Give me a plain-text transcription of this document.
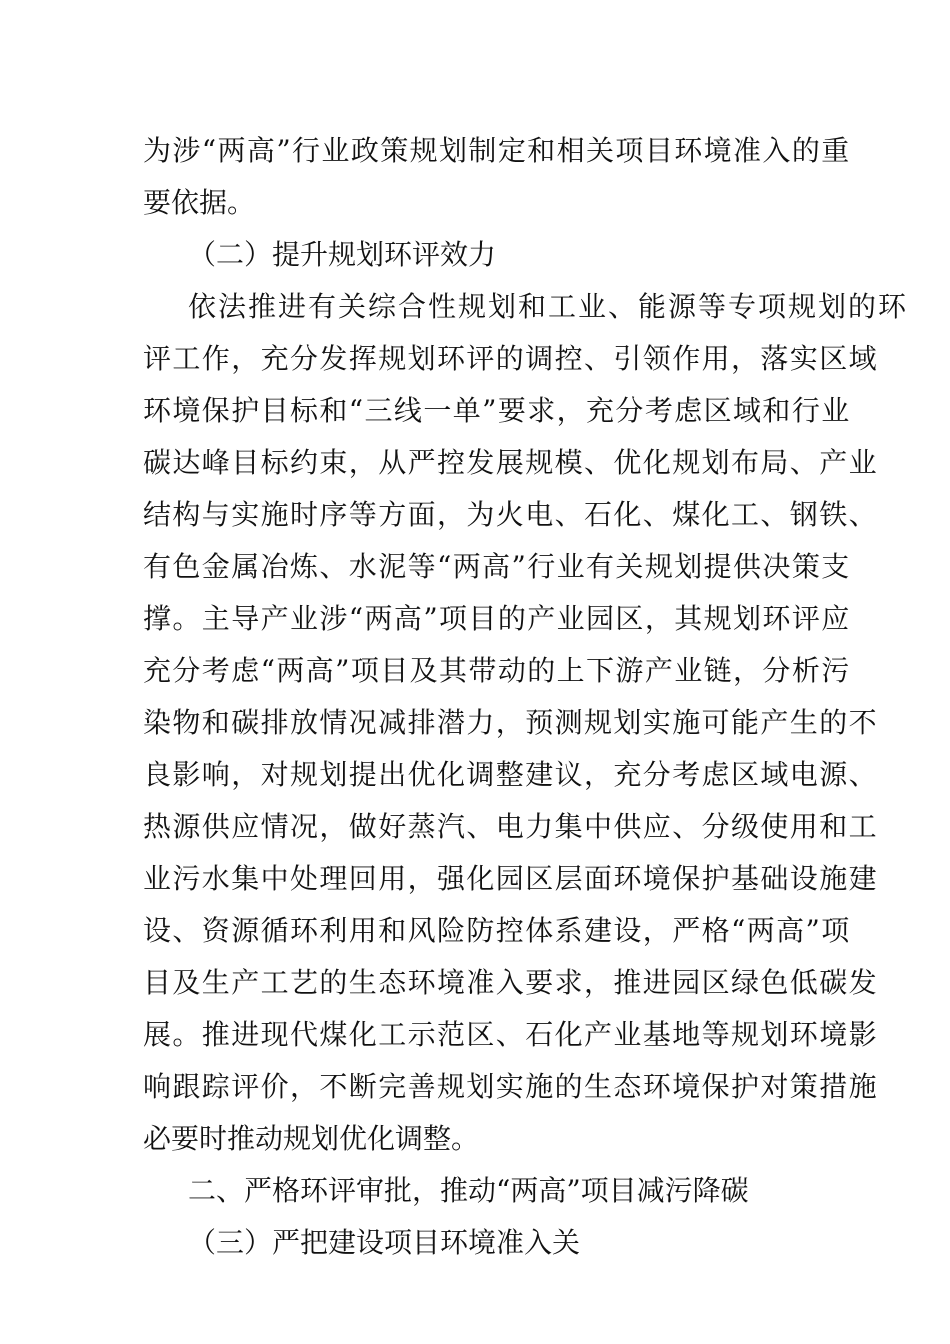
为涉“两高”行业政策规划制定和相关项目环境准入的重

要依据。

（二）提升规划环评效力

依法推进有关综合性规划和工业、能源等专项规划的环

评工作，充分发挥规划环评的调控、引领作用，落实区域

环境保护目标和“三线一单”要求，充分考虑区域和行业

碳达峰目标约束，从严控发展规模、优化规划布局、产业

结构与实施时序等方面，为火电、石化、煤化工、钢铁、

有色金属冶炼、水泥等“两高”行业有关规划提供决策支

撑。主导产业涉“两高”项目的产业园区，其规划环评应

充分考虑“两高”项目及其带动的上下游产业链，分析污

染物和碳排放情况减排潜力，预测规划实施可能产生的不

良影响，对规划提出优化调整建议，充分考虑区域电源、

热源供应情况，做好蒸汽、电力集中供应、分级使用和工

业污水集中处理回用，强化园区层面环境保护基础设施建

设、资源循环利用和风险防控体系建设，严格“两高”项

目及生产工艺的生态环境准入要求，推进园区绿色低碳发

展。推进现代煤化工示范区、石化产业基地等规划环境影

响跟踪评价，不断完善规划实施的生态环境保护对策措施

必要时推动规划优化调整。

二、严格环评审批，推动“两高”项目减污降碳

（三）严把建设项目环境准入关
